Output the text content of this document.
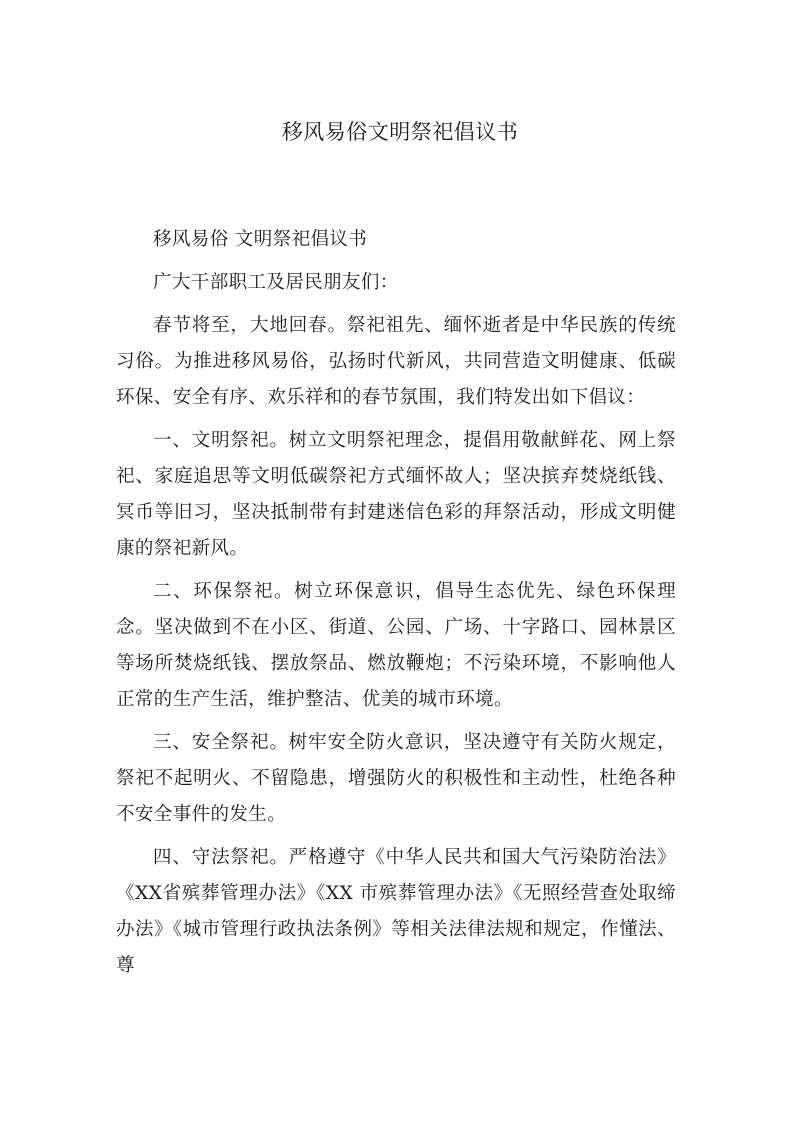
移风易俗文明祭祀倡议书

移风易俗 文明祭祀倡议书

广大干部职工及居民朋友们：

春节将至，大地回春。祭祀祖先、缅怀逝者是中华民族的传统习俗。为推进移风易俗，弘扬时代新风，共同营造文明健康、低碳环保、安全有序、欢乐祥和的春节氛围，我们特发出如下倡议：

一、文明祭祀。树立文明祭祀理念，提倡用敬献鲜花、网上祭祀、家庭追思等文明低碳祭祀方式缅怀故人；坚决摈弃焚烧纸钱、冥币等旧习，坚决抵制带有封建迷信色彩的拜祭活动，形成文明健康的祭祀新风。

二、环保祭祀。树立环保意识，倡导生态优先、绿色环保理念。坚决做到不在小区、街道、公园、广场、十字路口、园林景区等场所焚烧纸钱、摆放祭品、燃放鞭炮；不污染环境，不影响他人正常的生产生活，维护整洁、优美的城市环境。

三、安全祭祀。树牢安全防火意识，坚决遵守有关防火规定，祭祀不起明火、不留隐患，增强防火的积极性和主动性，杜绝各种不安全事件的发生。

四、守法祭祀。严格遵守《中华人民共和国大气污染防治法》《XX省殡葬管理办法》《XX 市殡葬管理办法》《无照经营查处取缔办法》《城市管理行政执法条例》等相关法律法规和规定，作懂法、尊
